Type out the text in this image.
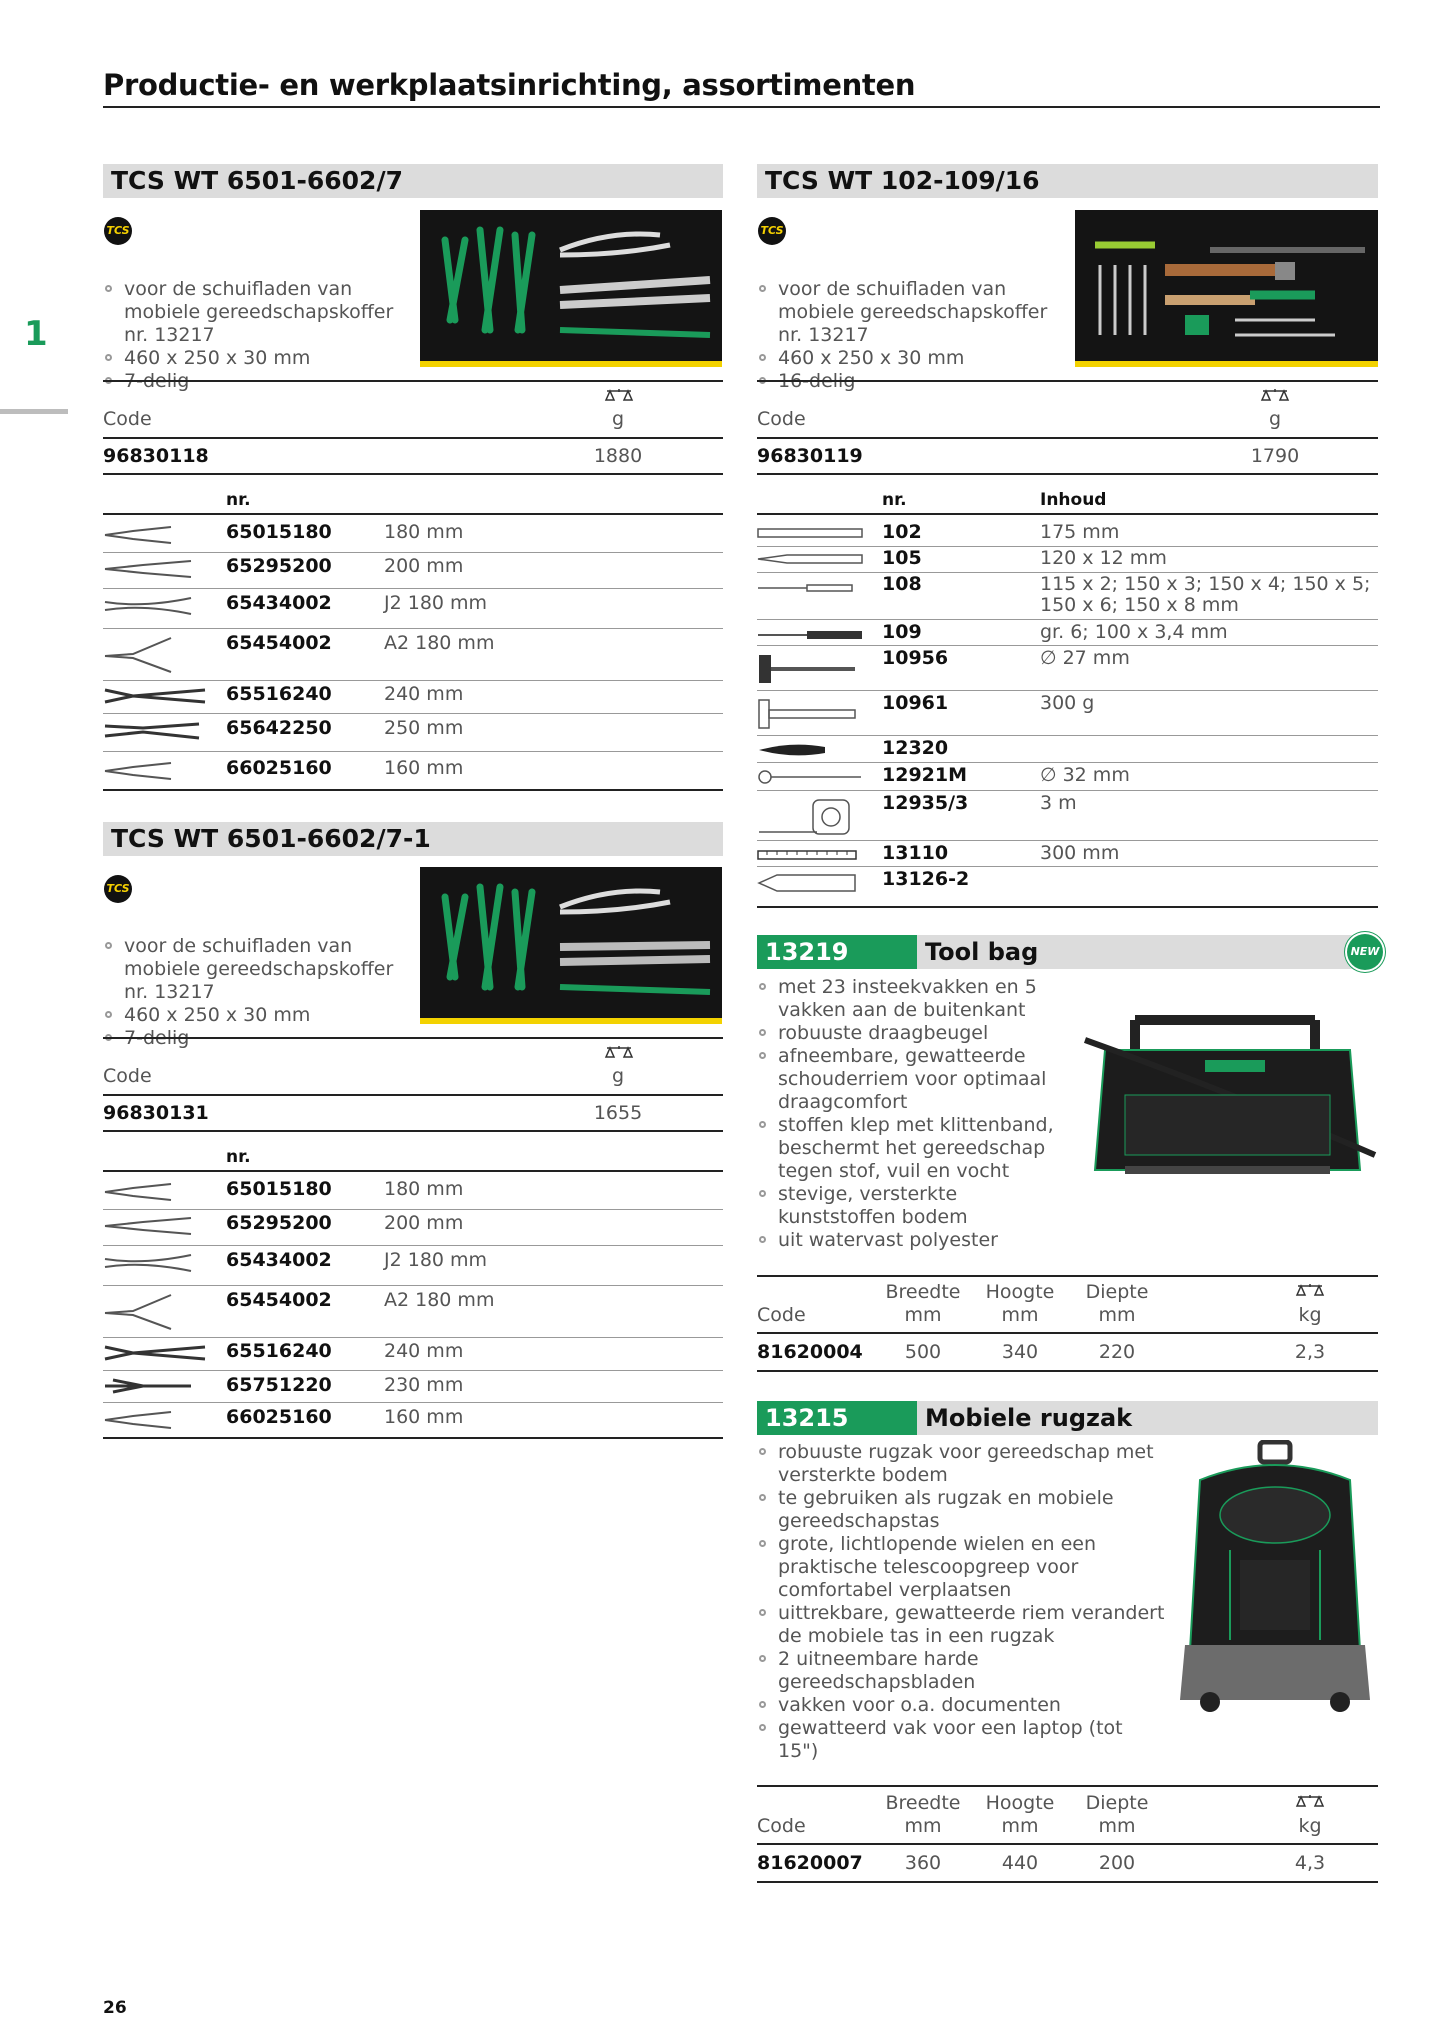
Productie- en werkplaatsinrichting, assortimenten
1
TCS WT 6501-6602/7
TCS
voor de schuifladen van mobiele gereedschapskoffer nr. 13217
460 x 250 x 30 mm
7-delig
Code	g
96830118	1880
nr.
65015180	180 mm
65295200	200 mm
65434002	J2 180 mm
65454002	A2 180 mm
65516240	240 mm
65642250	250 mm
66025160	160 mm
TCS WT 6501-6602/7-1
TCS
voor de schuifladen van mobiele gereedschapskoffer nr. 13217
460 x 250 x 30 mm
7-delig
Code	g
96830131	1655
nr.
65015180	180 mm
65295200	200 mm
65434002	J2 180 mm
65454002	A2 180 mm
65516240	240 mm
65751220	230 mm
66025160	160 mm
TCS WT 102-109/16
TCS
voor de schuifladen van mobiele gereedschapskoffer nr. 13217
460 x 250 x 30 mm
16-delig
Code	g
96830119	1790
nr.	Inhoud
102	175 mm
105	120 x 12 mm
108	115 x 2; 150 x 3; 150 x 4; 150 x 5;
150 x 6; 150 x 8 mm
109	gr. 6; 100 x 3,4 mm
10956	∅ 27 mm
10961	300 g
12320
12921M	∅ 32 mm
12935/3	3 m
13110	300 mm
13126-2
13219	Tool bag	NEW
met 23 insteekvakken en 5 vakken aan de buitenkant
robuuste draagbeugel
afneembare, gewatteerde schouderriem voor optimaal draagcomfort
stoffen klep met klittenband, beschermt het gereedschap tegen stof, vuil en vocht
stevige, versterkte kunststoffen bodem
uit watervast polyester
Breedte	Hoogte	Diepte
Code	mm	mm	mm	kg
81620004	500	340	220	2,3
13215	Mobiele rugzak
robuuste rugzak voor gereedschap met versterkte bodem
te gebruiken als rugzak en mobiele gereedschapstas
grote, lichtlopende wielen en een praktische telescoopgreep voor comfortabel verplaatsen
uittrekbare, gewatteerde riem verandert de mobiele tas in een rugzak
2 uitneembare harde gereedschapsbladen
vakken voor o.a. documenten
gewatteerd vak voor een laptop (tot 15")
Breedte	Hoogte	Diepte
Code	mm	mm	mm	kg
81620007	360	440	200	4,3
26
